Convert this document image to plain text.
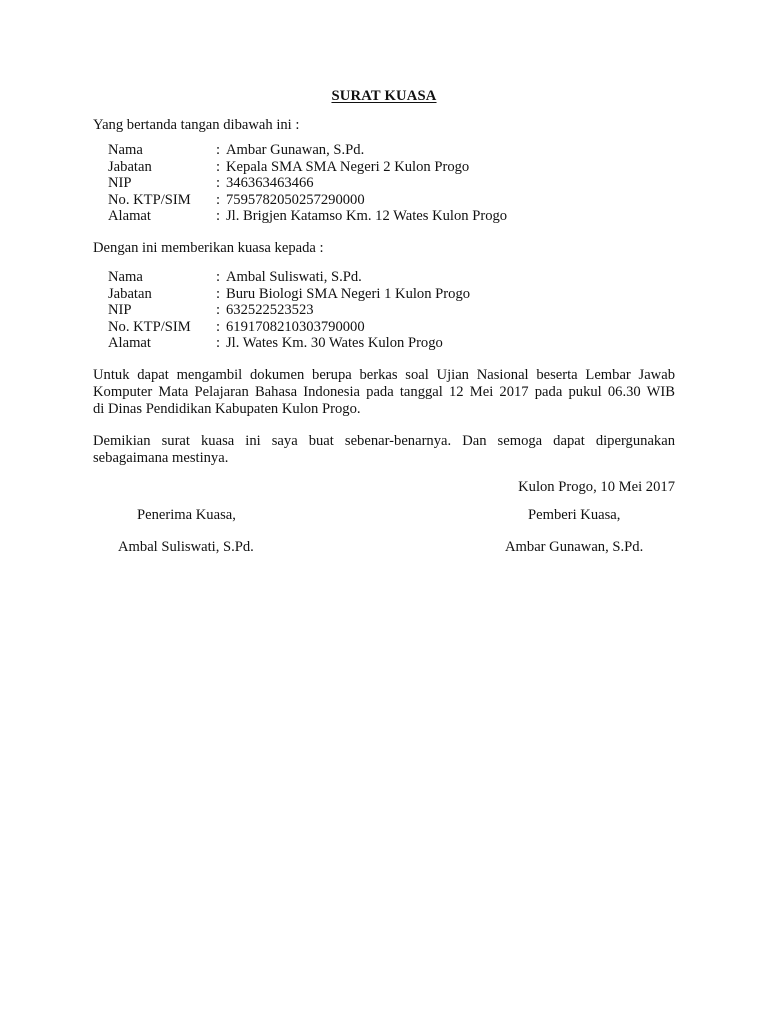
SURAT KUASA
Yang bertanda tangan dibawah ini :
Nama	: Ambar Gunawan, S.Pd.
Jabatan	: Kepala SMA SMA Negeri 2 Kulon Progo
NIP	: 346363463466
No. KTP/SIM	: 7595782050257290000
Alamat	: Jl. Brigjen Katamso Km. 12 Wates Kulon Progo
Dengan ini memberikan kuasa kepada :
Nama	: Ambal Suliswati, S.Pd.
Jabatan	: Buru Biologi SMA Negeri 1 Kulon Progo
NIP	: 632522523523
No. KTP/SIM	: 6191708210303790000
Alamat	: Jl. Wates Km. 30 Wates Kulon Progo
Untuk dapat mengambil dokumen berupa berkas soal Ujian Nasional beserta Lembar Jawab
Komputer Mata Pelajaran Bahasa Indonesia pada tanggal 12 Mei 2017 pada pukul 06.30 WIB
di Dinas Pendidikan Kabupaten Kulon Progo.
Demikian surat kuasa ini saya buat sebenar-benarnya. Dan semoga dapat dipergunakan
sebagaimana mestinya.
Kulon Progo, 10 Mei 2017
Penerima Kuasa,	Pemberi Kuasa,
Ambal Suliswati, S.Pd.	Ambar Gunawan, S.Pd.
